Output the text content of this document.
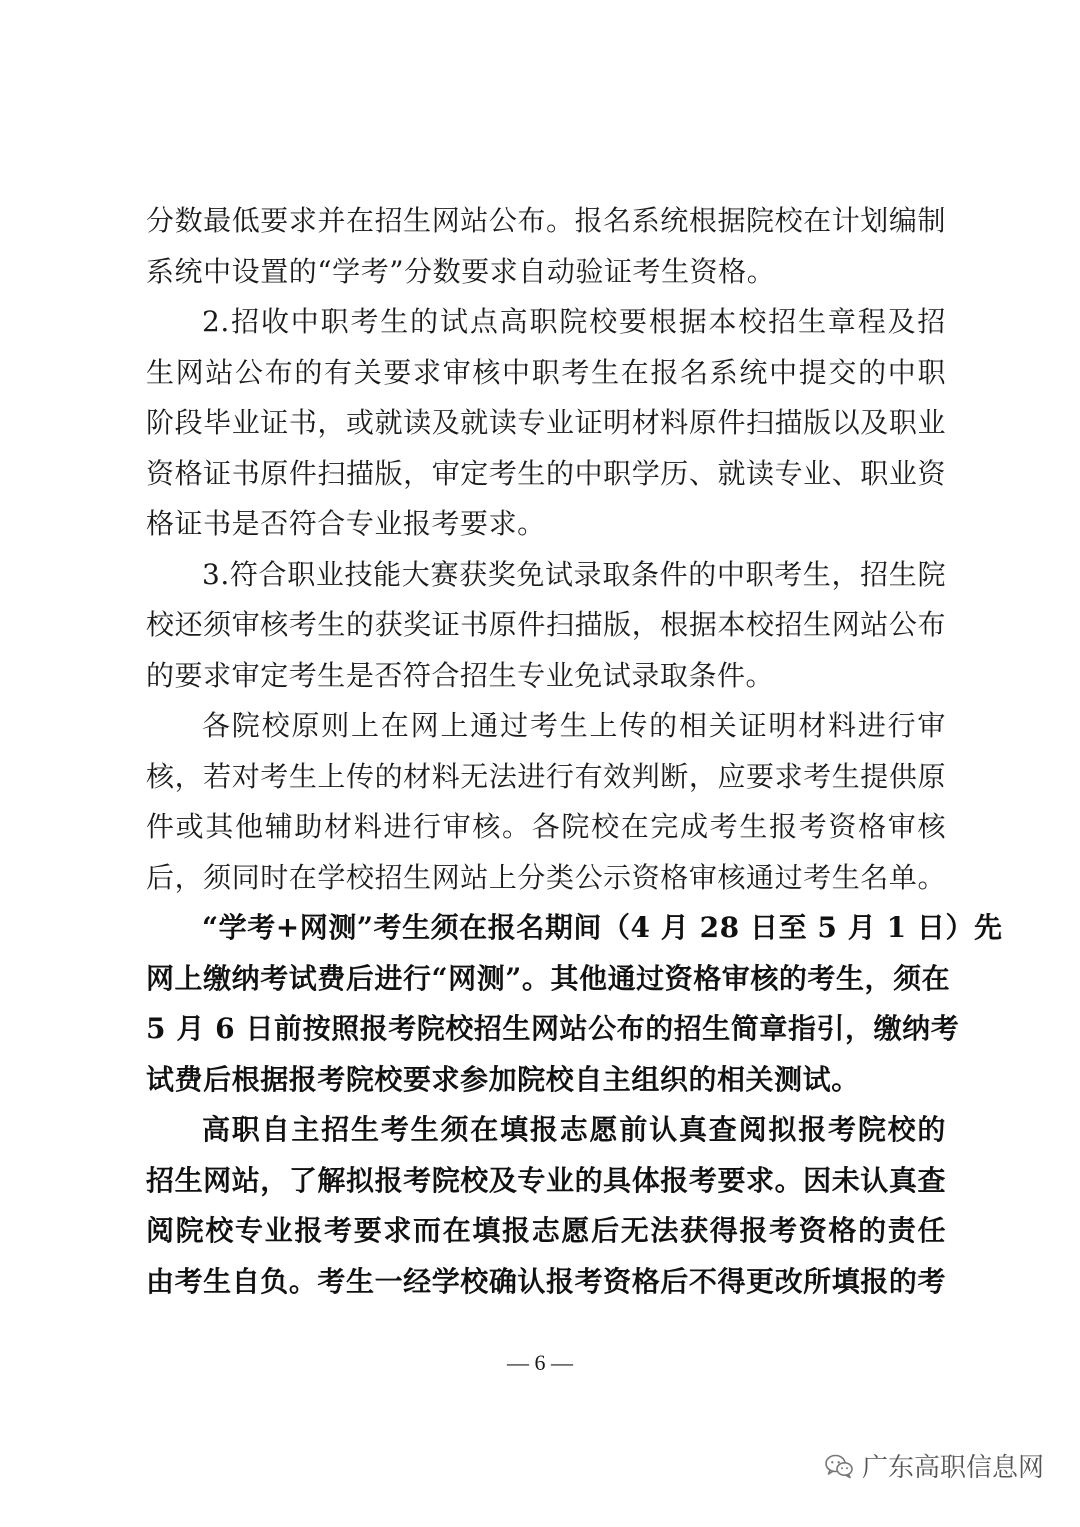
分数最低要求并在招生网站公布。报名系统根据院校在计划编制
系统中设置的“学考”分数要求自动验证考生资格。
2.招收中职考生的试点高职院校要根据本校招生章程及招
生网站公布的有关要求审核中职考生在报名系统中提交的中职
阶段毕业证书，或就读及就读专业证明材料原件扫描版以及职业
资格证书原件扫描版，审定考生的中职学历、就读专业、职业资
格证书是否符合专业报考要求。
3.符合职业技能大赛获奖免试录取条件的中职考生，招生院
校还须审核考生的获奖证书原件扫描版，根据本校招生网站公布
的要求审定考生是否符合招生专业免试录取条件。
各院校原则上在网上通过考生上传的相关证明材料进行审
核，若对考生上传的材料无法进行有效判断，应要求考生提供原
件或其他辅助材料进行审核。各院校在完成考生报考资格审核
后，须同时在学校招生网站上分类公示资格审核通过考生名单。
“学考+网测”考生须在报名期间（4 月 28 日至 5 月 1 日）先
网上缴纳考试费后进行“网测”。其他通过资格审核的考生，须在
5 月 6 日前按照报考院校招生网站公布的招生简章指引，缴纳考
试费后根据报考院校要求参加院校自主组织的相关测试。
高职自主招生考生须在填报志愿前认真查阅拟报考院校的
招生网站，了解拟报考院校及专业的具体报考要求。因未认真查
阅院校专业报考要求而在填报志愿后无法获得报考资格的责任
由考生自负。考生一经学校确认报考资格后不得更改所填报的考
— 6 —
广东高职信息网
